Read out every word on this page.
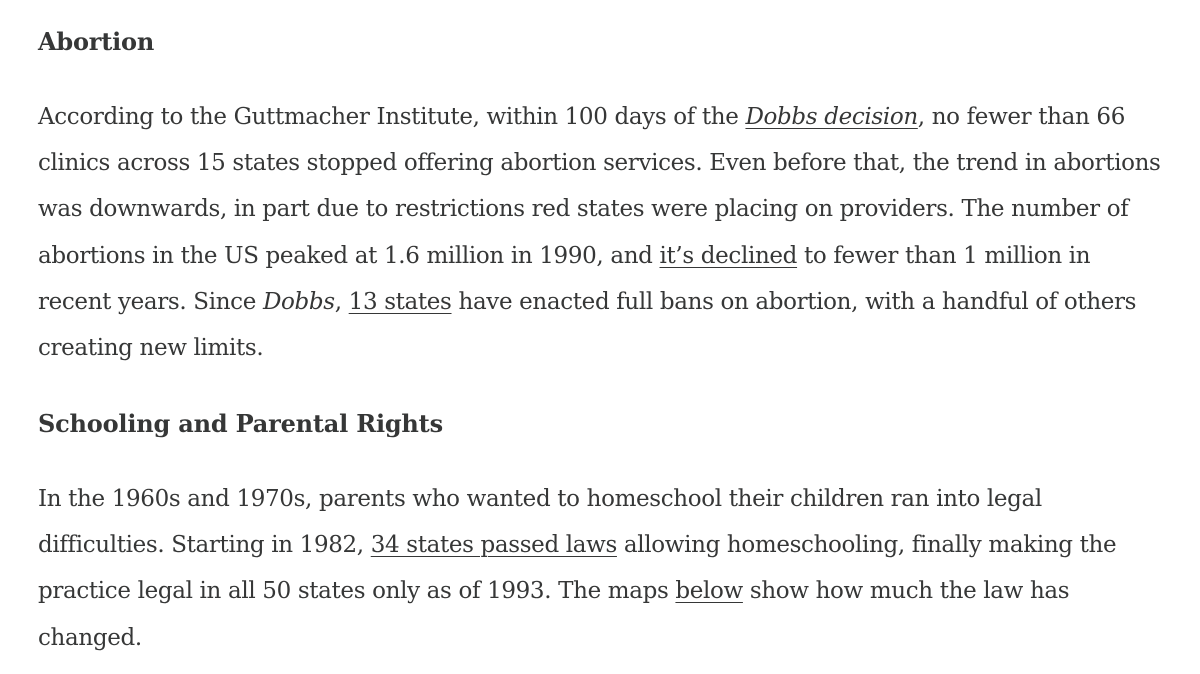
Abortion

According to the Guttmacher Institute, within 100 days of the Dobbs decision, no fewer than 66 clinics across 15 states stopped offering abortion services. Even before that, the trend in abortions was downwards, in part due to restrictions red states were placing on providers. The number of abortions in the US peaked at 1.6 million in 1990, and it’s declined to fewer than 1 million in recent years. Since Dobbs, 13 states have enacted full bans on abortion, with a handful of others creating new limits.

Schooling and Parental Rights

In the 1960s and 1970s, parents who wanted to homeschool their children ran into legal difficulties. Starting in 1982, 34 states passed laws allowing homeschooling, finally making the practice legal in all 50 states only as of 1993. The maps below show how much the law has changed.
